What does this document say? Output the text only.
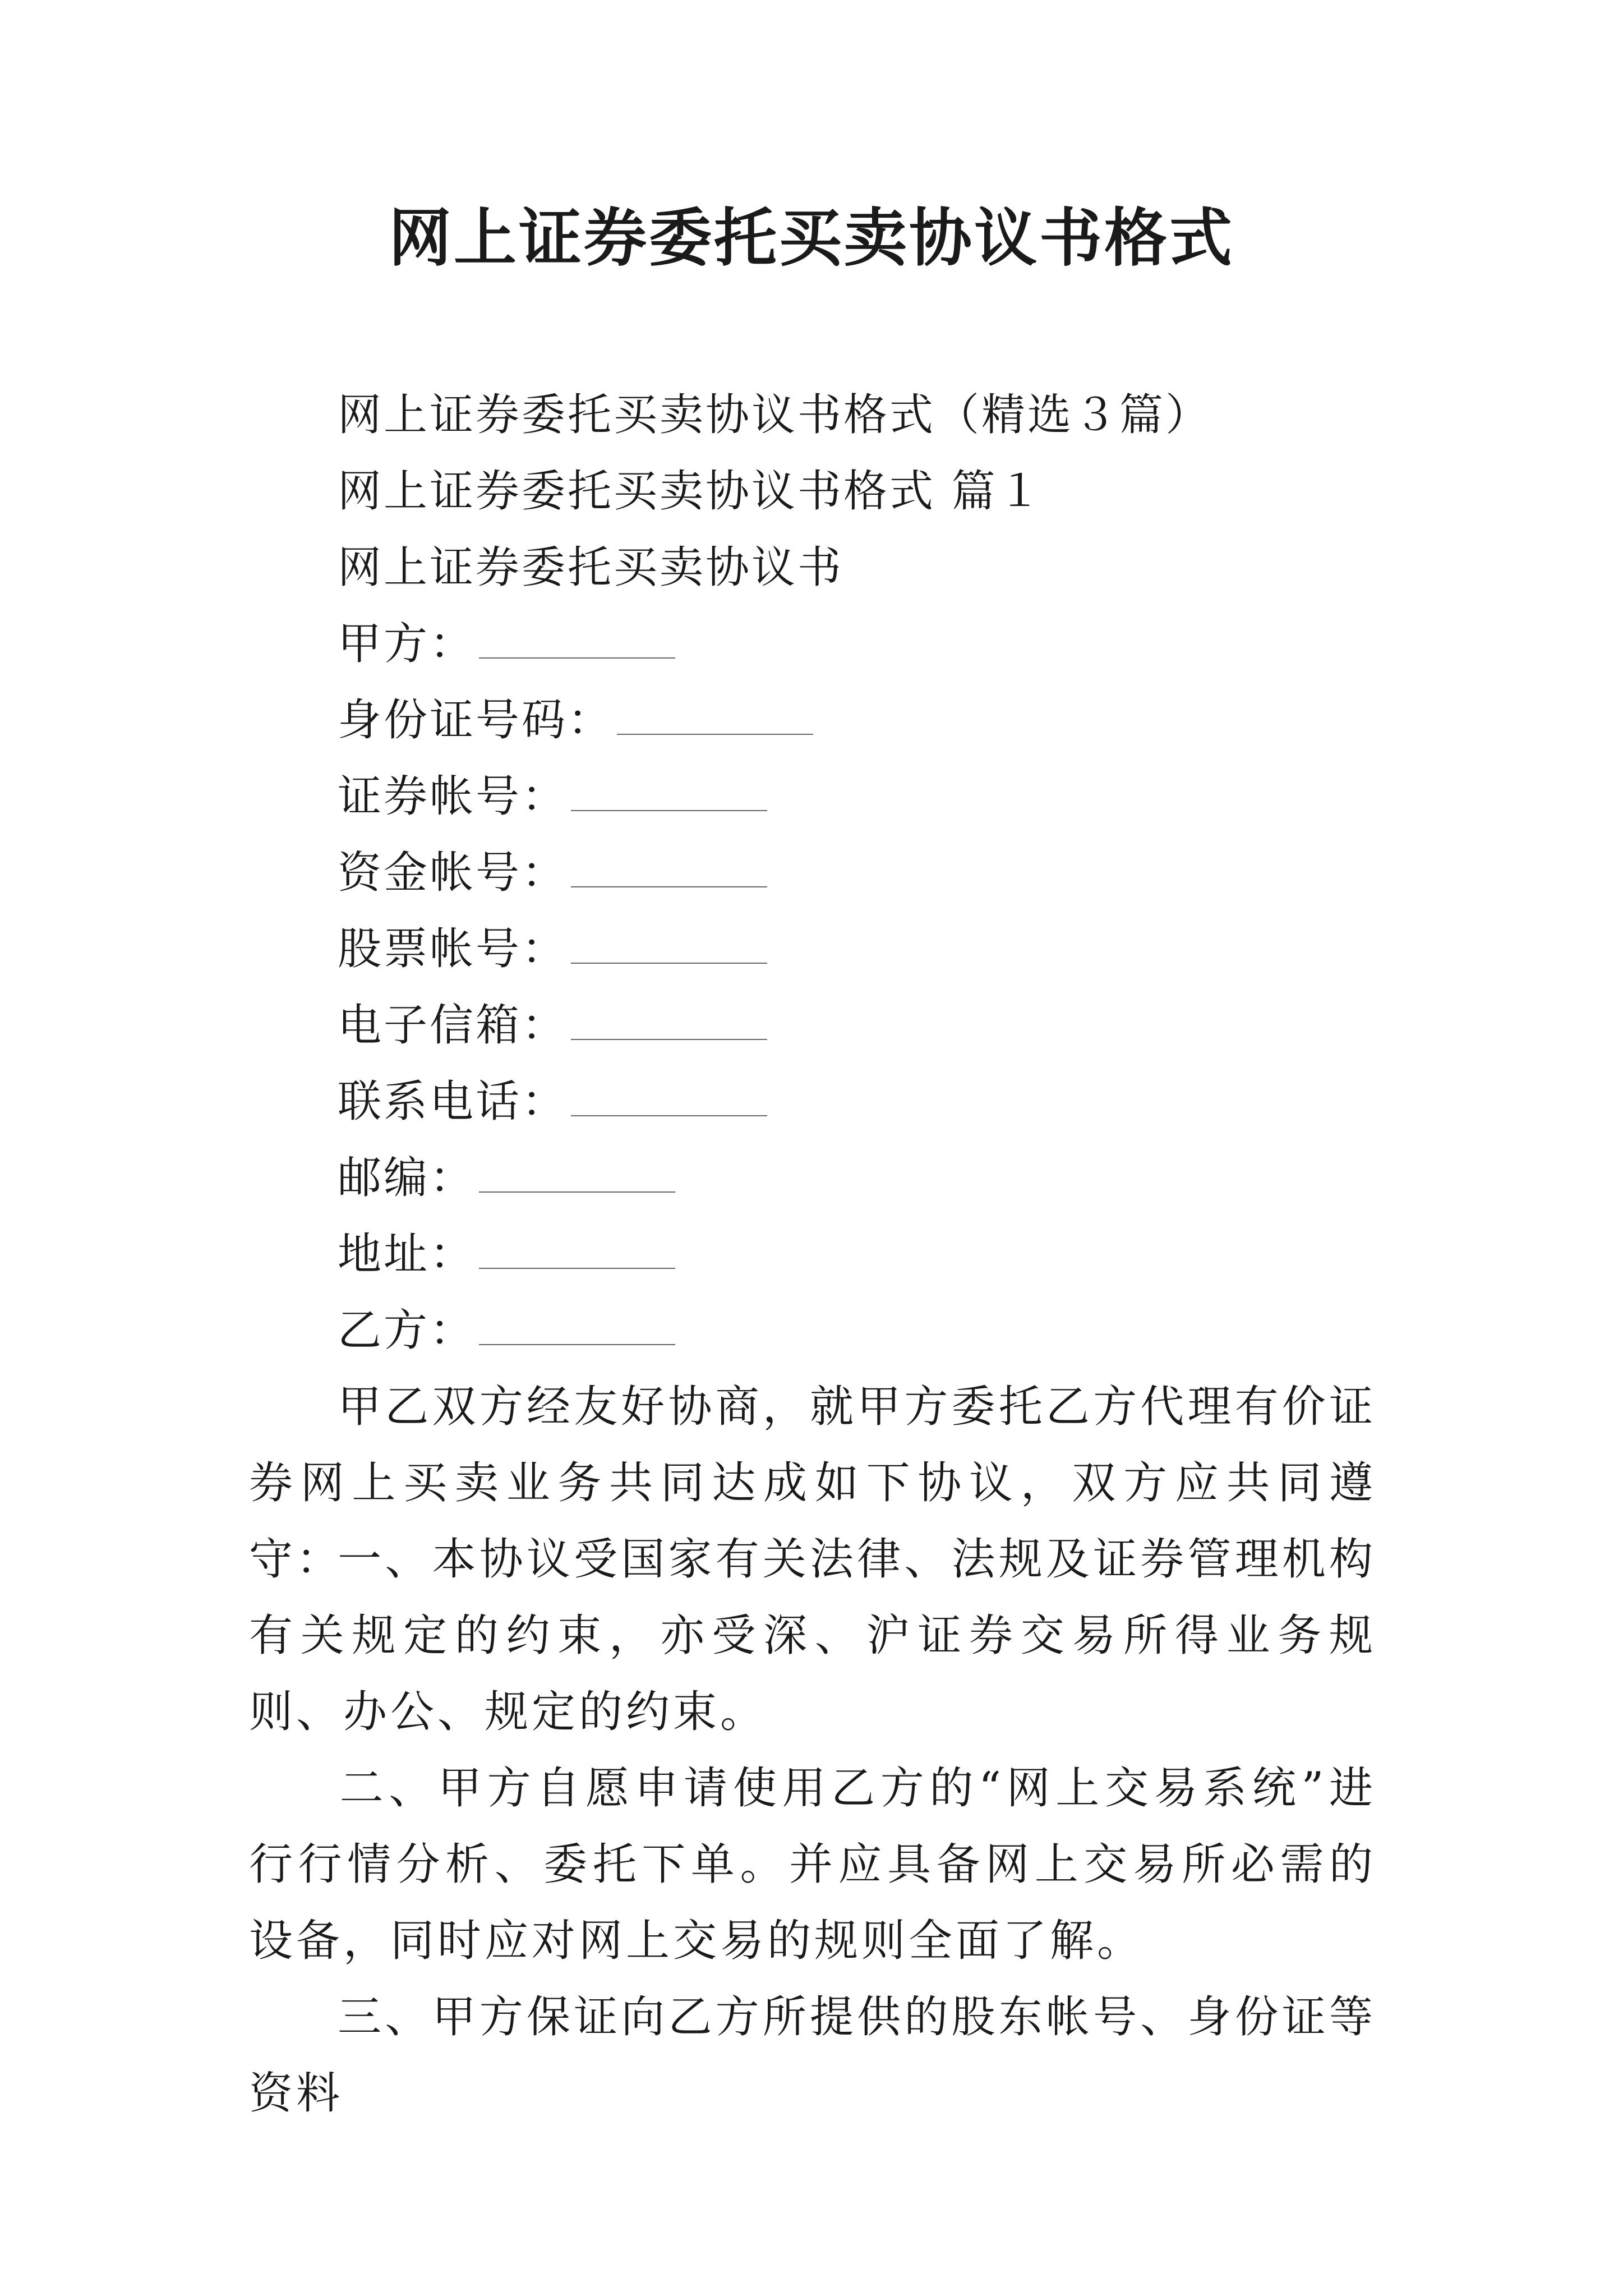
网上证券委托买卖协议书格式
网上证券委托买卖协议书格式（精选３篇）
网上证券委托买卖协议书格式 篇１
网上证券委托买卖协议书
甲方：
身份证号码：
证券帐号：
资金帐号：
股票帐号：
电子信箱：
联系电话：
邮编：
地址：
乙方：

甲乙双方经友好协商，就甲方委托乙方代理有价证券网上买卖业务共同达成如下协议，双方应共同遵守：

一、本协议受国家有关法律、法规及证券管理机构有关规定的约束，亦受深、沪证券交易所得业务规则、办公、规定的约束。

二、甲方自愿申请使用乙方的“网上交易系统”进行行情分析、委托下单。并应具备网上交易所必需的设备，同时应对网上交易的规则全面了解。

三、甲方保证向乙方所提供的股东帐号、身份证等资料
